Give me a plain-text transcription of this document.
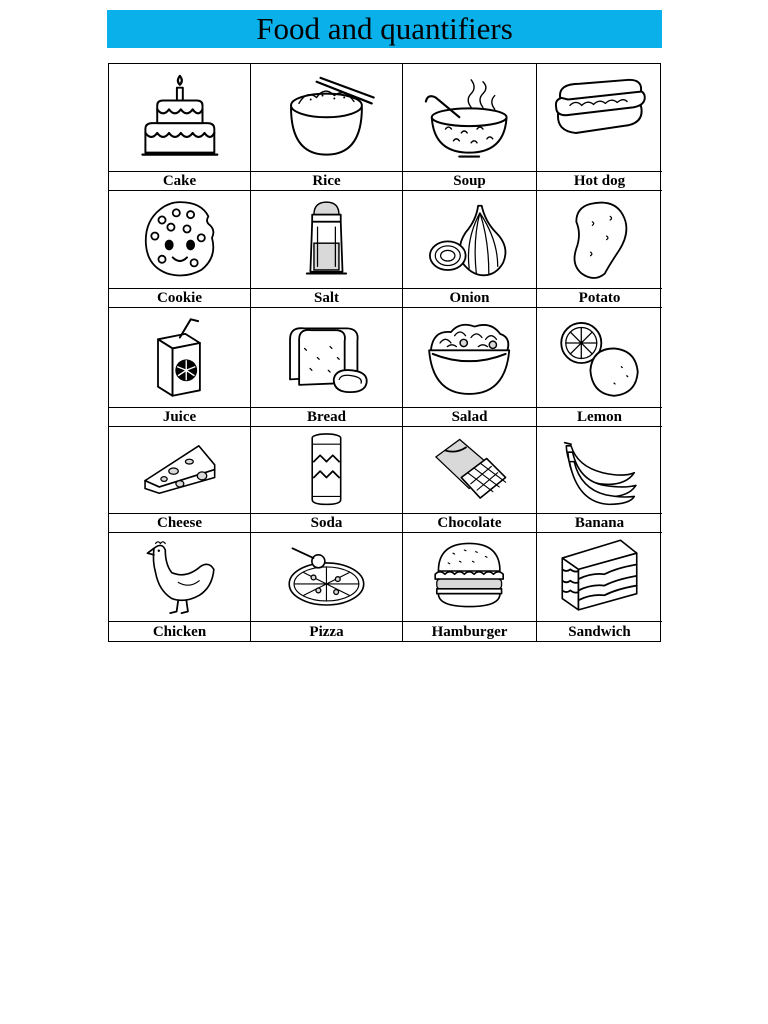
Food and quantifiers
Cake	Rice	Soup	Hot dog
Cookie	Salt	Onion	Potato
Juice	Bread	Salad	Lemon
Cheese	Soda	Chocolate	Banana
Chicken	Pizza	Hamburger	Sandwich
